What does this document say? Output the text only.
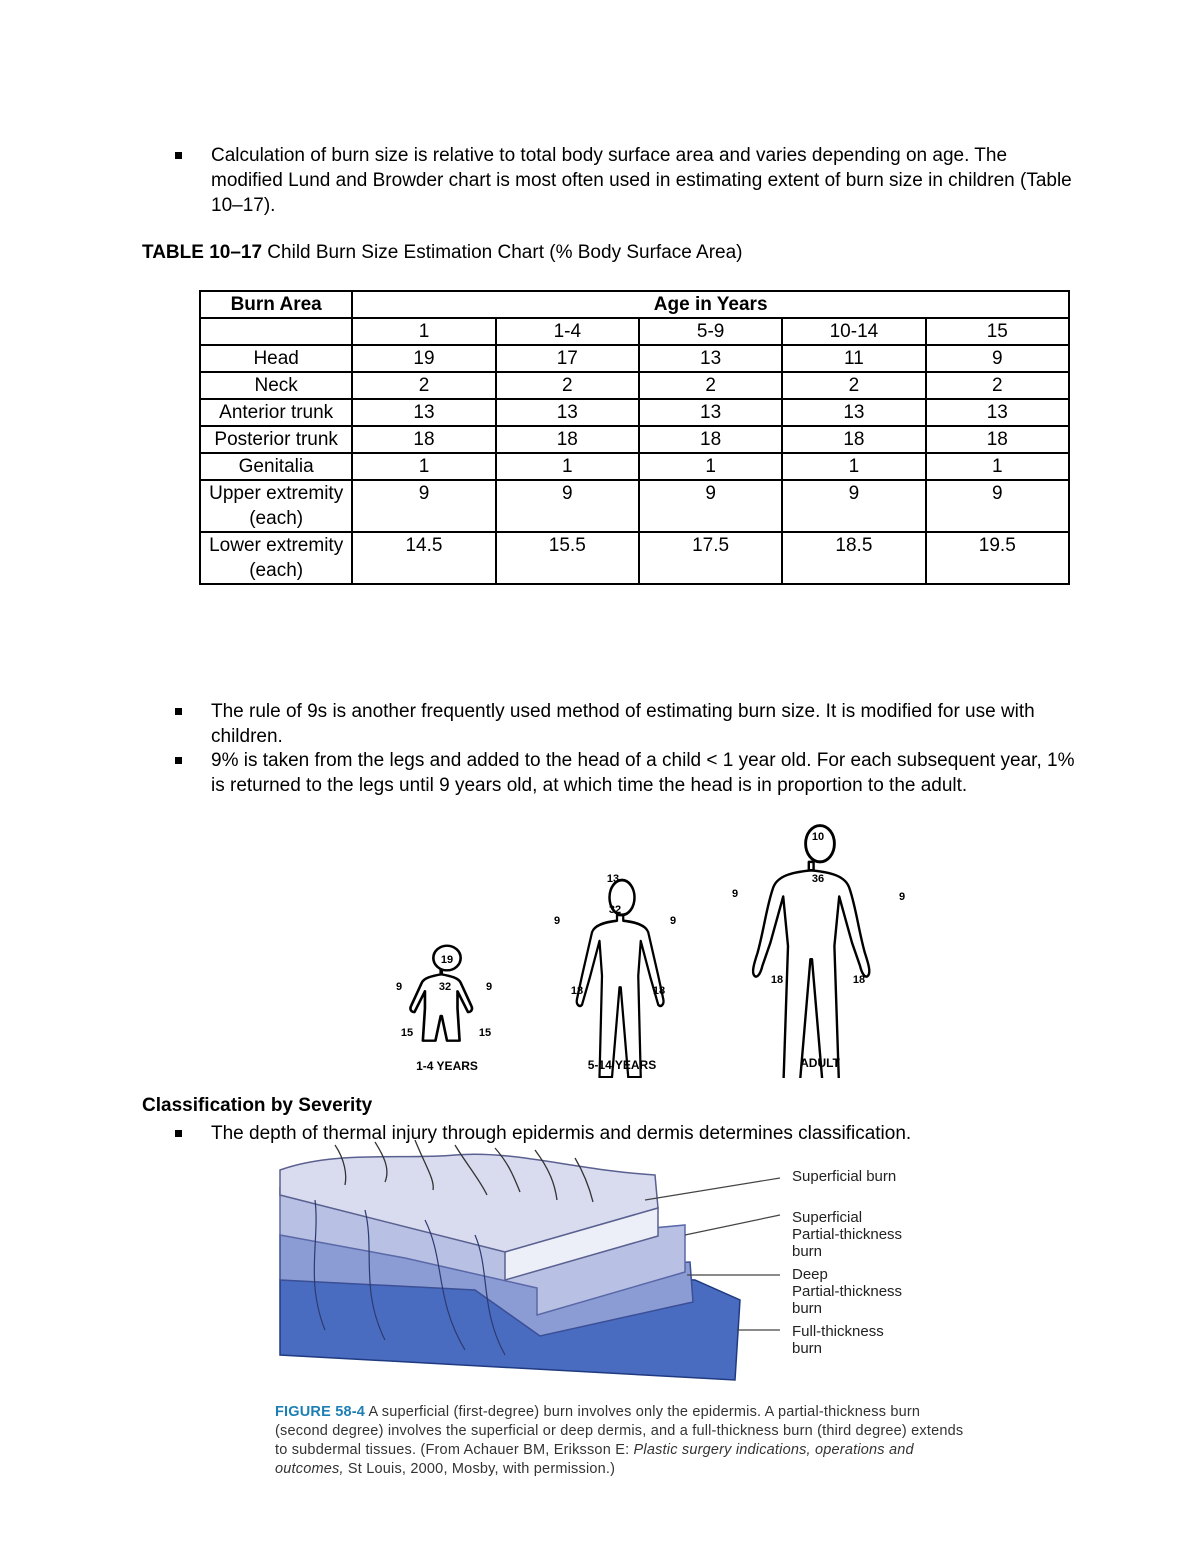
Calculation of burn size is relative to total body surface area and varies depending on age. The modified Lund and Browder chart is most often used in estimating extent of burn size in children (Table 10–17).
TABLE 10–17 Child Burn Size Estimation Chart (% Body Surface Area)
Burn Area	Age in Years				
	1	1-4	5-9	10-14	15
Head	19	17	13	11	9
Neck	2	2	2	2	2
Anterior trunk	13	13	13	13	13
Posterior trunk	18	18	18	18	18
Genitalia	1	1	1	1	1
Upper extremity (each)	9	9	9	9	9
Lower extremity (each)	14.5	15.5	17.5	18.5	19.5
The rule of 9s is another frequently used method of estimating burn size. It is modified for use with children.
9% is taken from the legs and added to the head of a child < 1 year old. For each subsequent year, 1% is returned to the legs until 9 years old, at which time the head is in proportion to the adult.
19
32
9	9
15	15
1-4 YEARS
13
32
9	9
18	18
5-14 YEARS
10
36
9	9
18	18
ADULT
Classification by Severity
The depth of thermal injury through epidermis and dermis determines classification.
Superficial burn
Superficial
Partial-thickness
burn
Deep
Partial-thickness
burn
Full-thickness
burn
FIGURE 58-4 A superficial (first-degree) burn involves only the epidermis. A partial-thickness burn (second degree) involves the superficial or deep dermis, and a full-thickness burn (third degree) extends to subdermal tissues. (From Achauer BM, Eriksson E: Plastic surgery indications, operations and outcomes, St Louis, 2000, Mosby, with permission.)
